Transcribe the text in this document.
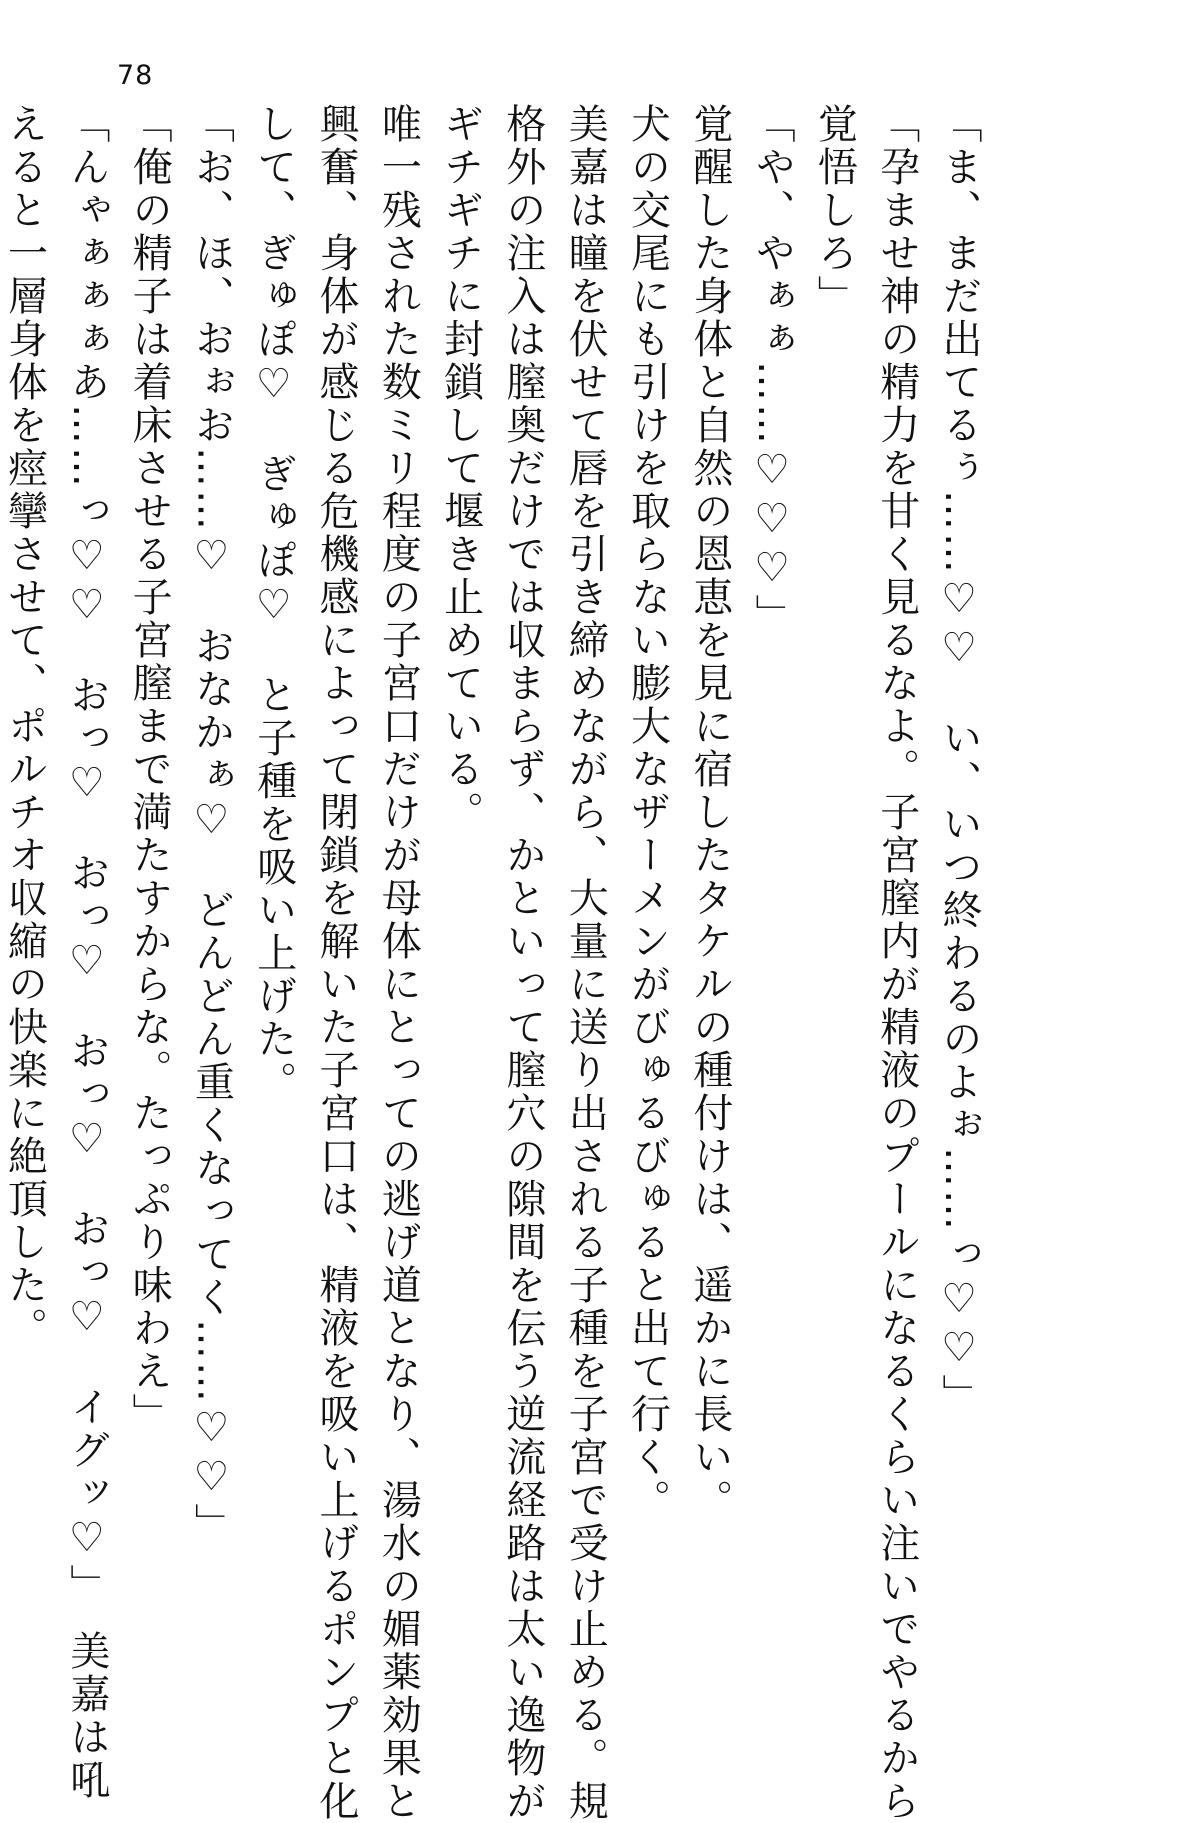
78

「ま、まだ出てるぅ……♡♡　い、いつ終わるのよぉ……っ♡♡」

「孕ませ神の精力を甘く見るなよ。子宮膣内が精液のプールになるくらい注いでやるから

覚悟しろ」

「や、やぁぁ……♡♡♡」

覚醒した身体と自然の恩恵を見に宿したタケルの種付けは、遥かに長い。

犬の交尾にも引けを取らない膨大なザーメンがびゅるびゅると出て行く。

美嘉は瞳を伏せて唇を引き締めながら、大量に送り出される子種を子宮で受け止める。規

格外の注入は膣奥だけでは収まらず、かといって膣穴の隙間を伝う逆流経路は太い逸物が

ギチギチに封鎖して堰き止めている。

唯一残された数ミリ程度の子宮口だけが母体にとっての逃げ道となり、湯水の媚薬効果と

興奮、身体が感じる危機感によって閉鎖を解いた子宮口は、精液を吸い上げるポンプと化

して、ぎゅぽ♡　ぎゅぽ♡　と子種を吸い上げた。

「お、ほ、おぉお……♡　おなかぁ♡　どんどん重くなってく……♡♡」

「俺の精子は着床させる子宮膣まで満たすからな。たっぷり味わえ」

「んゃぁぁぁあ……っ♡♡　おっ♡　おっ♡　おっ♡　おっ♡　イグッ♡」　美嘉は吼

えると一層身体を痙攣させて、ポルチオ収縮の快楽に絶頂した。
